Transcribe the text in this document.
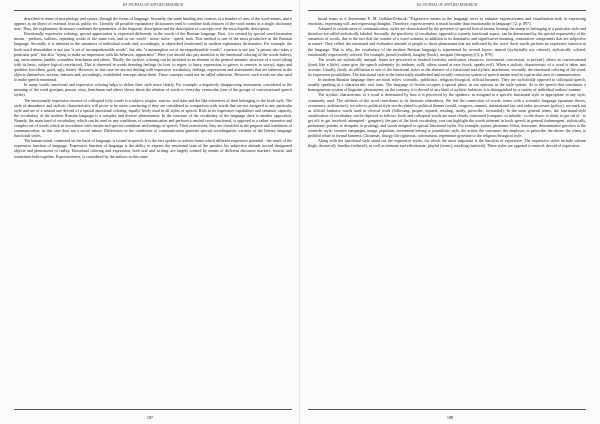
RA JOURNAL OF APPLIED RESEARCH

described in terms of morphology and syntax, through the forms of language. Secondly, the same heading text consists of a number of uses of the word means, and it appears as an object of external, lexical, public etc. Literally all possible explanatory dictionaries tend to combine both features of the word means in a single dictionary note. Thus, the explanatory dictionary combines the parameters of the linguistic description and the description of concepts over the encyclopedic description.

Emotionally expressive coloring, special appreciation is expressed differently in the words of the Russian language. First, it is created by special word-formation means - prefixes, suffixes, repeating words of the same root, and so on: world - noise; noise - speed; rush. This method is one of the most productive in the Russian language. Secondly, it is inherent in the semantics of individual words and, accordingly, is objectified (enshrined) in modern explanatory dictionaries. For example, the book word abracadabra is not just "a set of incomprehensible words", but also "a meaningless set of incomprehensible words"; a person is not just "a person who takes a particular post", but also "trying to make an impression with his behavior, appearance". Here you should also pay attention to the emotional coloring of the words bribery, rag, environment, jumble, scrambler, henchman and others. Thirdly, the stylistic coloring can be included as an element in the general semantic structure of a word (along with its basic, subject-logical correlation). This is observed in words denoting feelings (to love, to regret, to hurry, expression; to grieve, to remove, to worry), signs and qualities (excellent, good, ugly, bitter). However, in this case we are not dealing with expressive vocabulary, feelings, expressions and assessments that are inherent in the objects themselves, actions, features and, accordingly, established concepts about them. These concepts could not be called otherwise. However, such words are also used to make speech emotional.

In many words, emotional and expressive coloring helps to define their style more clearly. For example, a negatively disapproving assessment, considered as the meaning of the word gossiper, person, story, henchman and others shows about the relation of words to everyday vernacular (one of the groups of conversational speech styles).

The emotionally expressive essence of colloquial lofty words is a subject, inspire, warrior, zeal state and the like references of their belonging to the book style. The style of abundance and stylistic characteristics will prove to be more convincing if they are considered in comparison with words that are not assigned to any particular style and are of a neutral one devoid of a special emotional coloring, equally freely used in all styles of speech. Rich in its expressive capabilities and semantic capacity, the vocabulary of the modern Russian language is a complex and diverse phenomenon. In the structure of the vocabulary of the language there is another opposition. Namely, the main fund of vocabulary, which can be used in any conditions of communication and perform a neutral cross-functional, is opposed to a rather extensive and complex set of words which in accordance with certain and special conditions and settings of speech. Their restrictions, they are classified in the purpose and conditions of communication; in this case they are a social nature. Differences in the conditions of communication generate special sociolinguistic variants of the literary language functional styles.

The human mind, connected on the basis of language, is issued in speech. It is the fact spoken or written forms which different expressive potential - the result of the expressive function of language. Expressive function of language is the ability to express the emotional state of the speaker, his subjective attitude toward designated objects and phenomena of reality. Emotional coloring and expression, both oral and writing, are largely created by means of different discourse markers, lexical, and sometimes both together. Expressiveness, is considered by the authors in this same

187
RA JOURNAL OF APPLIED RESEARCH

broad terms as it determines E. M. Galkina-Fedoruk: "Expressive means in the language serve to enhance expressiveness and visualization both in expressing emotions, expressing will, and expressing thoughts. Therefore, expressiveness is much broader than emotionality in language" [2, p. 897].

Adapted to certain areas of communication, styles are characterized by the presence of special lexical means, bearing the stamp of belonging to a particular style and therefore are called stylistically labeled. Secondly, the specificity of vocabulary, opposed to a purely functional aspect, can be determined by the special expressivity of the semantics of words, due to the fact that the content of a word contains, in addition to its denotative and significative meaning, connotative components that are subjective in nature. They reflect the emotional and evaluative attitude of people to those phenomena that are indicated by the word. Such words perform an expressive function in the language. That is why, the vocabulary of the modern Russian language is represented by several layers: neutral (stylistically not colored), stylistically colored, emotionally expressively colored. For example, proud (exalted), haughty (book), arrogant (derogatory) [3, p. 870].

The words are stylistically unequal. Some are perceived as bookish (reticent, ratification, resources, investment, concession, to prevail), others as conversational (tired, like a little), some give the speech solemnity (to enthuse, voll), others sound at ease (work, speaks evil). When a stylistic characteristic of a word is taken into account. Usually, firstly, its affiliation to one of the functional styles or the absence of a functional and stylistic attachment, secondly, the emotional coloring of the word, its expression possibilities. The functional style is the historically established and socially conscious system of speech means used in a particular area of communication.

In modern Russian language there are book styles: scientific, publicistic, religious-liturgical, official business. They are stylistically opposed to colloquial speech, usually speaking in a characteristic oral form. The language of fiction occupies a special place, in our opinion, in the style system. As to the speech that constitutes a homogeneous system of linguistic phenomena, on the contrary, it is devoid of any kind of stylistic isolation, it is distinguished by a variety of individual authors' manner.

The stylistic characteristic of a word is determined by how it is perceived by the speakers: as assigned to a specific functional style or appropriate in any style, commonly used. The stiffness of the word contributes to its thematic relatedness. We feel the connection of words: terms with a scientific language (quantum theory, economics, architecture), we refer to political style words related to political themes (world, congress, summit, international law and order, processes (policy), we mark out as official business words used in clerical work (following, proper, injured, residing, notify, prescribe, forwarded). In the most general terms, the functional-style stratification of vocabulary can be depicted as follows: book and colloquial words are most clearly contrasted (compare: to subside - to die down; to shirk; to get rid of - to get off; to get involved; attempted - gangster); the part of the book vocabulary, you can highlight the words inherent in book speech in general (submergent, stylistically, prominent, ponder, to dissipate, to prolong), and words assigned to special functional styles. For example, syntax, phoneme; lithos, aerosome, denominative gravities to the scientific style; creative campaigns, image, populism, investment belong to journalistic style; the action, the consumer, the employer, to prescribe, the above, the client, to prohibit relate to formal business. Christmas, liturgy, the righteous, communion, repentance gravitate to the religious-liturgical style.

Along with the functional style stand out the expressive styles, for which the most important is the function of expressive. The expressive styles include solemn (high, rhetorical), familiar (reduced), as well as intimate and affectionate, playful (ironic), mocking (satirical). These styles are opposed to neutral, devoid of expression.

188
